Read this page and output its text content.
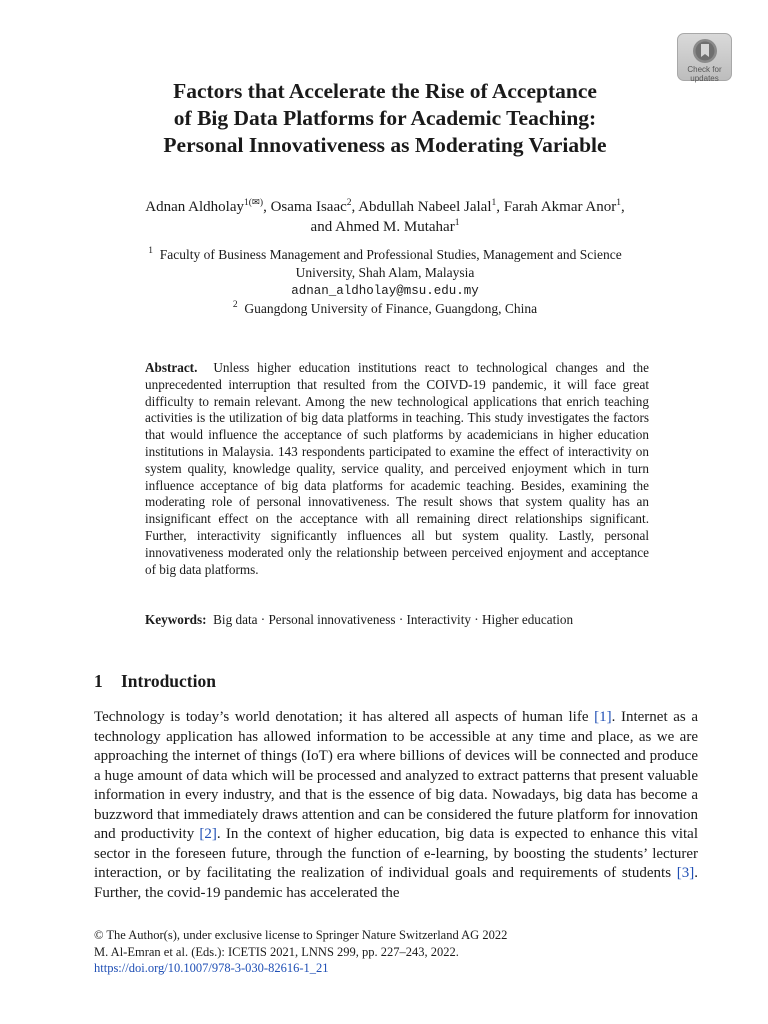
Check for
updates
Factors that Accelerate the Rise of Acceptance
of Big Data Platforms for Academic Teaching:
Personal Innovativeness as Moderating Variable
Adnan Aldholay$^{1(✉)}$, Osama Isaac$^2$, Abdullah Nabeel Jalal$^1$, Farah Akmar Anor$^1$,
and Ahmed M. Mutahar$^1$
$^1$ Faculty of Business Management and Professional Studies, Management and Science
University, Shah Alam, Malaysia
adnan_aldholay@msu.edu.my
$^2$ Guangdong University of Finance, Guangdong, China
Abstract. Unless higher education institutions react to technological changes and the unprecedented interruption that resulted from the COIVD-19 pandemic, it will face great difficulty to remain relevant. Among the new technological applications that enrich teaching activities is the utilization of big data platforms in teaching. This study investigates the factors that would influence the acceptance of such platforms by academicians in higher education institutions in Malaysia. 143 respondents participated to examine the effect of interactivity on system quality, knowledge quality, service quality, and perceived enjoyment which in turn influence acceptance of big data platforms for academic teaching. Besides, examining the moderating role of personal innovativeness. The result shows that system quality has an insignificant effect on the acceptance with all remaining direct relationships significant. Further, interactivity significantly influences all but system quality. Lastly, personal innovativeness moderated only the relationship between perceived enjoyment and acceptance of big data platforms.
Keywords: Big data · Personal innovativeness · Interactivity · Higher education
1 Introduction

Technology is today’s world denotation; it has altered all aspects of human life [1]. Internet as a technology application has allowed information to be accessible at any time and place, as we are approaching the internet of things (IoT) era where billions of devices will be connected and produce a huge amount of data which will be processed and analyzed to extract patterns that present valuable information in every industry, and that is the essence of big data. Nowadays, big data has become a buzzword that immediately draws attention and can be considered the future platform for innovation and productivity [2]. In the context of higher education, big data is expected to enhance this vital sector in the foreseen future, through the function of e-learning, by boosting the students’ lecturer interaction, or by facilitating the realization of individual goals and requirements of students [3]. Further, the covid-19 pandemic has accelerated the

© The Author(s), under exclusive license to Springer Nature Switzerland AG 2022
M. Al-Emran et al. (Eds.): ICETIS 2021, LNNS 299, pp. 227–243, 2022.
https://doi.org/10.1007/978-3-030-82616-1_21
